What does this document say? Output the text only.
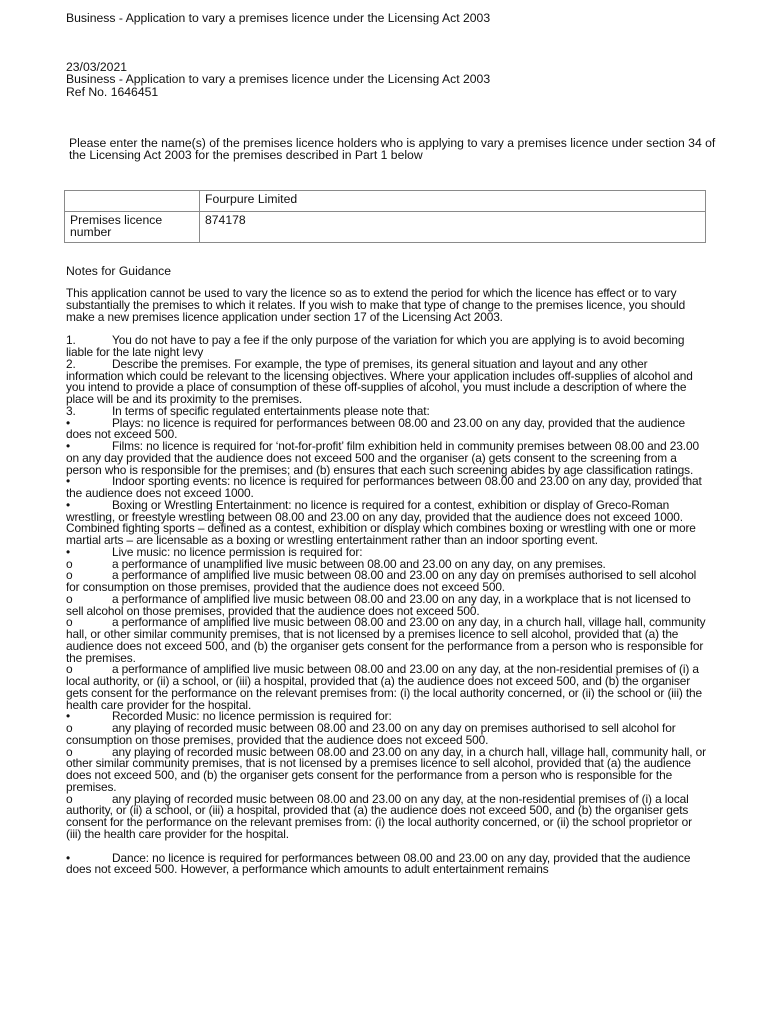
Business - Application to vary a premises licence under the Licensing Act 2003
23/03/2021
Business - Application to vary a premises licence under the Licensing Act 2003
Ref No. 1646451
Please enter the name(s) of the premises licence holders who is applying to vary a premises licence under section 34 of the Licensing Act 2003 for the premises described in Part 1 below
	Fourpure Limited
Premises licence number	874178
Notes for Guidance

This application cannot be used to vary the licence so as to extend the period for which the licence has effect or to vary substantially the premises to which it relates. If you wish to make that type of change to the premises licence, you should make a new premises licence application under section 17 of the Licensing Act 2003.

1.	You do not have to pay a fee if the only purpose of the variation for which you are applying is to avoid becoming liable for the late night levy

2.	Describe the premises. For example, the type of premises, its general situation and layout and any other information which could be relevant to the licensing objectives. Where your application includes off-supplies of alcohol and you intend to provide a place of consumption of these off-supplies of alcohol, you must include a description of where the place will be and its proximity to the premises.

3.	In terms of specific regulated entertainments please note that:

•	Plays: no licence is required for performances between 08.00 and 23.00 on any day, provided that the audience does not exceed 500.

•	Films: no licence is required for ‘not-for-profit’ film exhibition held in community premises between 08.00 and 23.00 on any day provided that the audience does not exceed 500 and the organiser (a) gets consent to the screening from a person who is responsible for the premises; and (b) ensures that each such screening abides by age classification ratings.

•	Indoor sporting events: no licence is required for performances between 08.00 and 23.00 on any day, provided that the audience does not exceed 1000.

•	Boxing or Wrestling Entertainment: no licence is required for a contest, exhibition or display of Greco-Roman wrestling, or freestyle wrestling between 08.00 and 23.00 on any day, provided that the audience does not exceed 1000. Combined fighting sports – defined as a contest, exhibition or display which combines boxing or wrestling with one or more martial arts – are licensable as a boxing or wrestling entertainment rather than an indoor sporting event.

•	Live music: no licence permission is required for:

o	a performance of unamplified live music between 08.00 and 23.00 on any day, on any premises.

o	a performance of amplified live music between 08.00 and 23.00 on any day on premises authorised to sell alcohol for consumption on those premises, provided that the audience does not exceed 500.

o	a performance of amplified live music between 08.00 and 23.00 on any day, in a workplace that is not licensed to sell alcohol on those premises, provided that the audience does not exceed 500.

o	a performance of amplified live music between 08.00 and 23.00 on any day, in a church hall, village hall, community hall, or other similar community premises, that is not licensed by a premises licence to sell alcohol, provided that (a) the audience does not exceed 500, and (b) the organiser gets consent for the performance from a person who is responsible for the premises.

o	a performance of amplified live music between 08.00 and 23.00 on any day, at the non-residential premises of (i) a local authority, or (ii) a school, or (iii) a hospital, provided that (a) the audience does not exceed 500, and (b) the organiser gets consent for the performance on the relevant premises from: (i) the local authority concerned, or (ii) the school or (iii) the health care provider for the hospital.

•	Recorded Music: no licence permission is required for:

o	any playing of recorded music between 08.00 and 23.00 on any day on premises authorised to sell alcohol for consumption on those premises, provided that the audience does not exceed 500.

o	any playing of recorded music between 08.00 and 23.00 on any day, in a church hall, village hall, community hall, or other similar community premises, that is not licensed by a premises licence to sell alcohol, provided that (a) the audience does not exceed 500, and (b) the organiser gets consent for the performance from a person who is responsible for the premises.

o	any playing of recorded music between 08.00 and 23.00 on any day, at the non-residential premises of (i) a local authority, or (ii) a school, or (iii) a hospital, provided that (a) the audience does not exceed 500, and (b) the organiser gets consent for the performance on the relevant premises from: (i) the local authority concerned, or (ii) the school proprietor or (iii) the health care provider for the hospital.

•	Dance: no licence is required for performances between 08.00 and 23.00 on any day, provided that the audience does not exceed 500. However, a performance which amounts to adult entertainment remains
